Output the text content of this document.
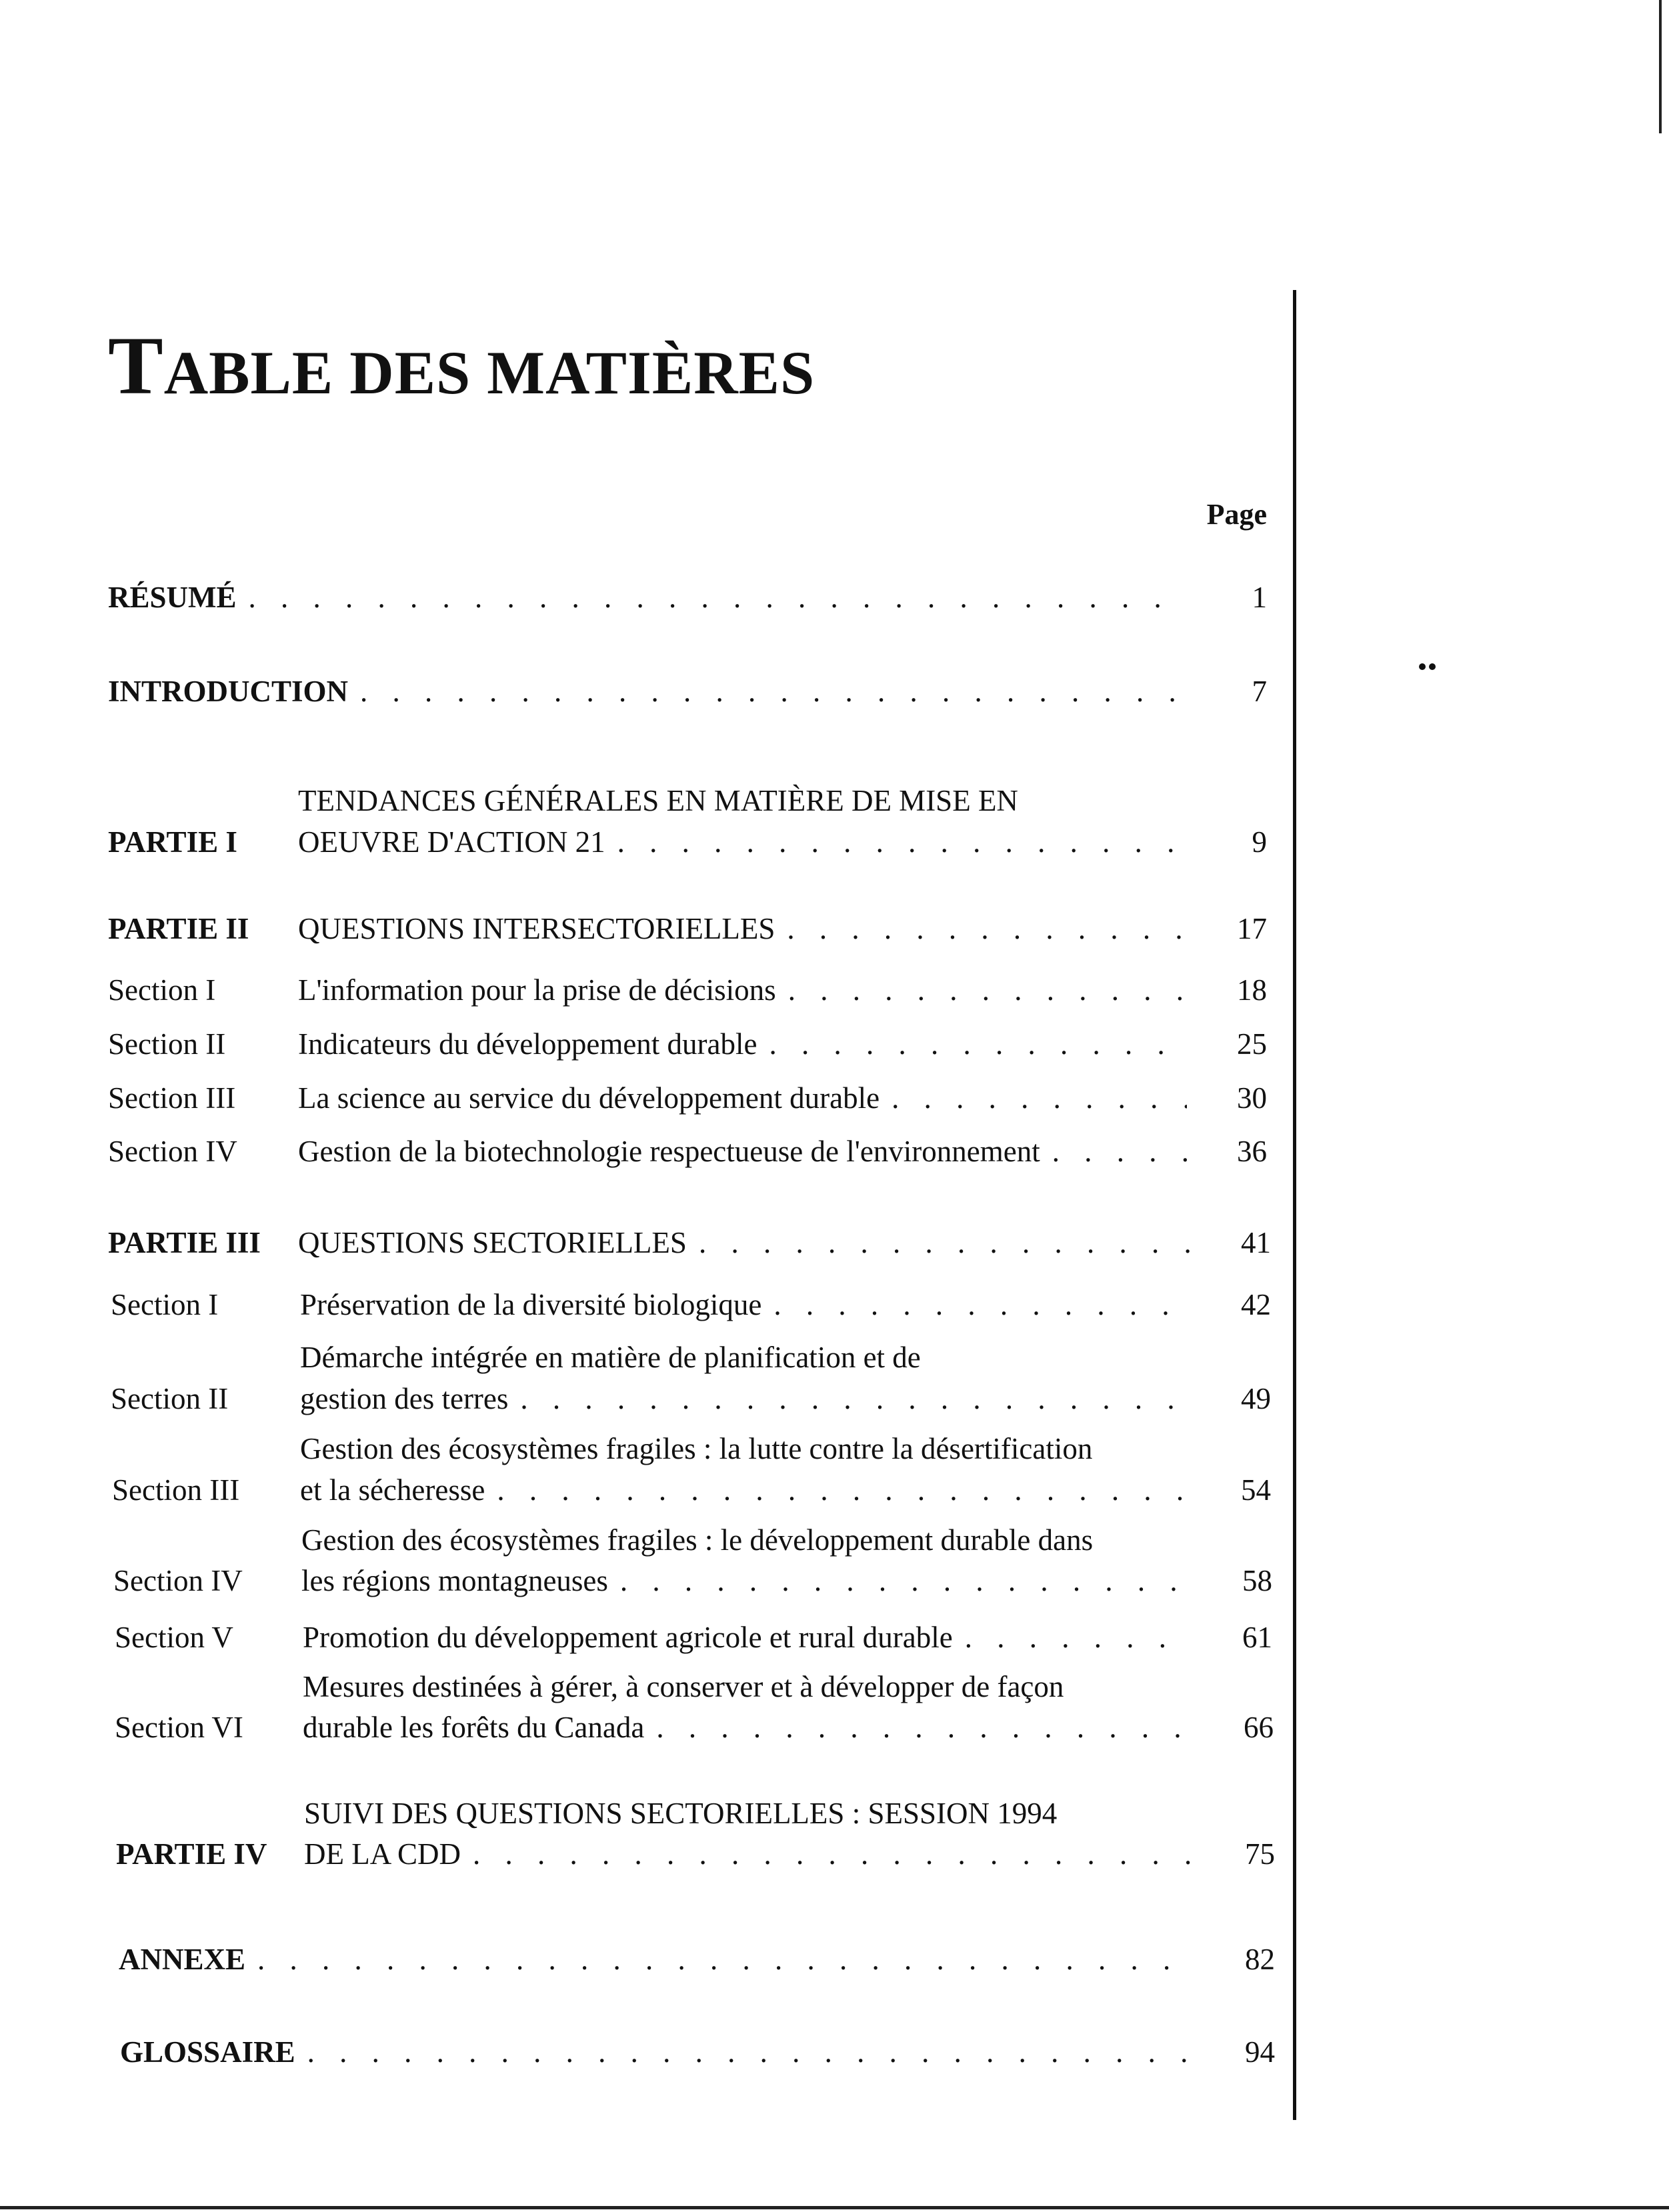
TABLE DES MATIÈRES
Page
RÉSUMÉ . . .	1
INTRODUCTION . . .	7
TENDANCES GÉNÉRALES EN MATIÈRE DE MISE EN
PARTIE I OEUVRE D'ACTION 21 . . .	9
PARTIE II QUESTIONS INTERSECTORIELLES . . .	17
Section I	L'information pour la prise de décisions . . .	18
Section II Indicateurs du développement durable . . .	25
Section III La science au service du développement durable . . .	30
Section IV Gestion de la biotechnologie respectueuse de l'environnement . . .	36
PARTIE III QUESTIONS SECTORIELLES . . .	41
Section I	Préservation de la diversité biologique . . .	42
Démarche intégrée en matière de planification et de
Section II gestion des terres . . .	49
Gestion des écosystèmes fragiles : la lutte contre la désertification
Section III et la sécheresse . . .	54
Gestion des écosystèmes fragiles : le développement durable dans
Section IV les régions montagneuses . . .	58
Section V Promotion du développement agricole et rural durable . . .	61
Mesures destinées à gérer, à conserver et à développer de façon
Section VI durable les forêts du Canada . . .	66
SUIVI DES QUESTIONS SECTORIELLES : SESSION 1994
PARTIE IV DE LA CDD . . .	75
ANNEXE . . .	82
GLOSSAIRE . . .	94
